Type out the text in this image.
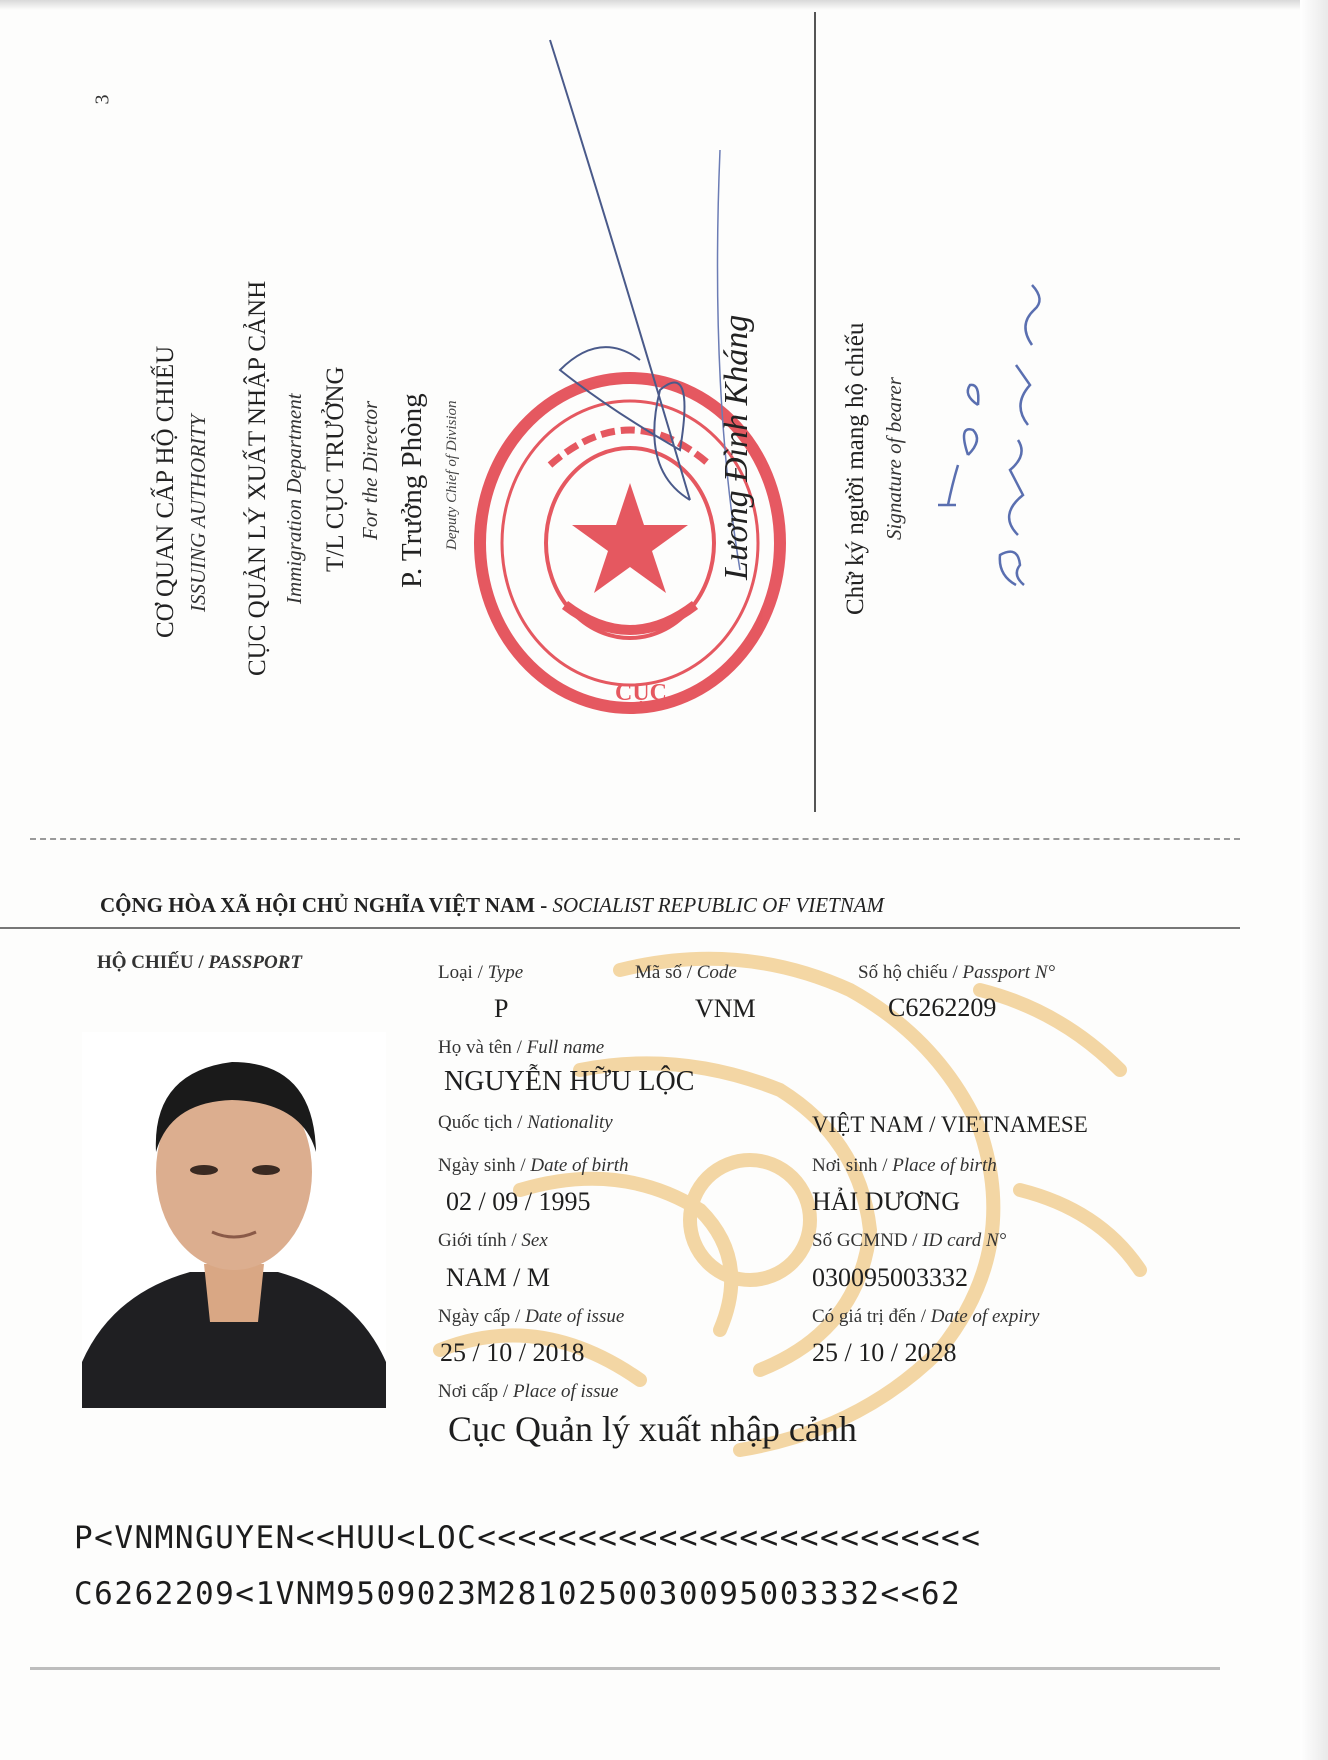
3
CƠ QUAN CẤP HỘ CHIẾU ISSUING AUTHORITY CỤC QUẢN LÝ XUẤT NHẬP CẢNH Immigration Department T/L CỤC TRƯỞNG For the Director P. Trưởng Phòng Deputy Chief of Division
CỤC
Lương Đình Kháng	Chữ ký người mang hộ chiếu Signature of bearer
CỘNG HÒA XÃ HỘI CHỦ NGHĨA VIỆT NAM - SOCIALIST REPUBLIC OF VIETNAM
HỘ CHIẾU / PASSPORT	Loại / Type
P
Mã số / Code
VNM
Số hộ chiếu / Passport N°
C6262209
Họ và tên / Full name
NGUYỄN HỮU LỘC
Quốc tịch / Nationality	VIỆT NAM / VIETNAMESE
Ngày sinh / Date of birth
02 / 09 / 1995
Nơi sinh / Place of birth
HẢI DƯƠNG
Giới tính / Sex
NAM / M
Số GCMND / ID card N°
030095003332
Ngày cấp / Date of issue
25 / 10 / 2018
Có giá trị đến / Date of expiry
25 / 10 / 2028
Nơi cấp / Place of issue
Cục Quản lý xuất nhập cảnh
P<VNMNGUYEN<<HUU<LOC<<<<<<<<<<<<<<<<<<<<<<<<<
C6262209<1VNM9509023M2810250030095003332<<62
